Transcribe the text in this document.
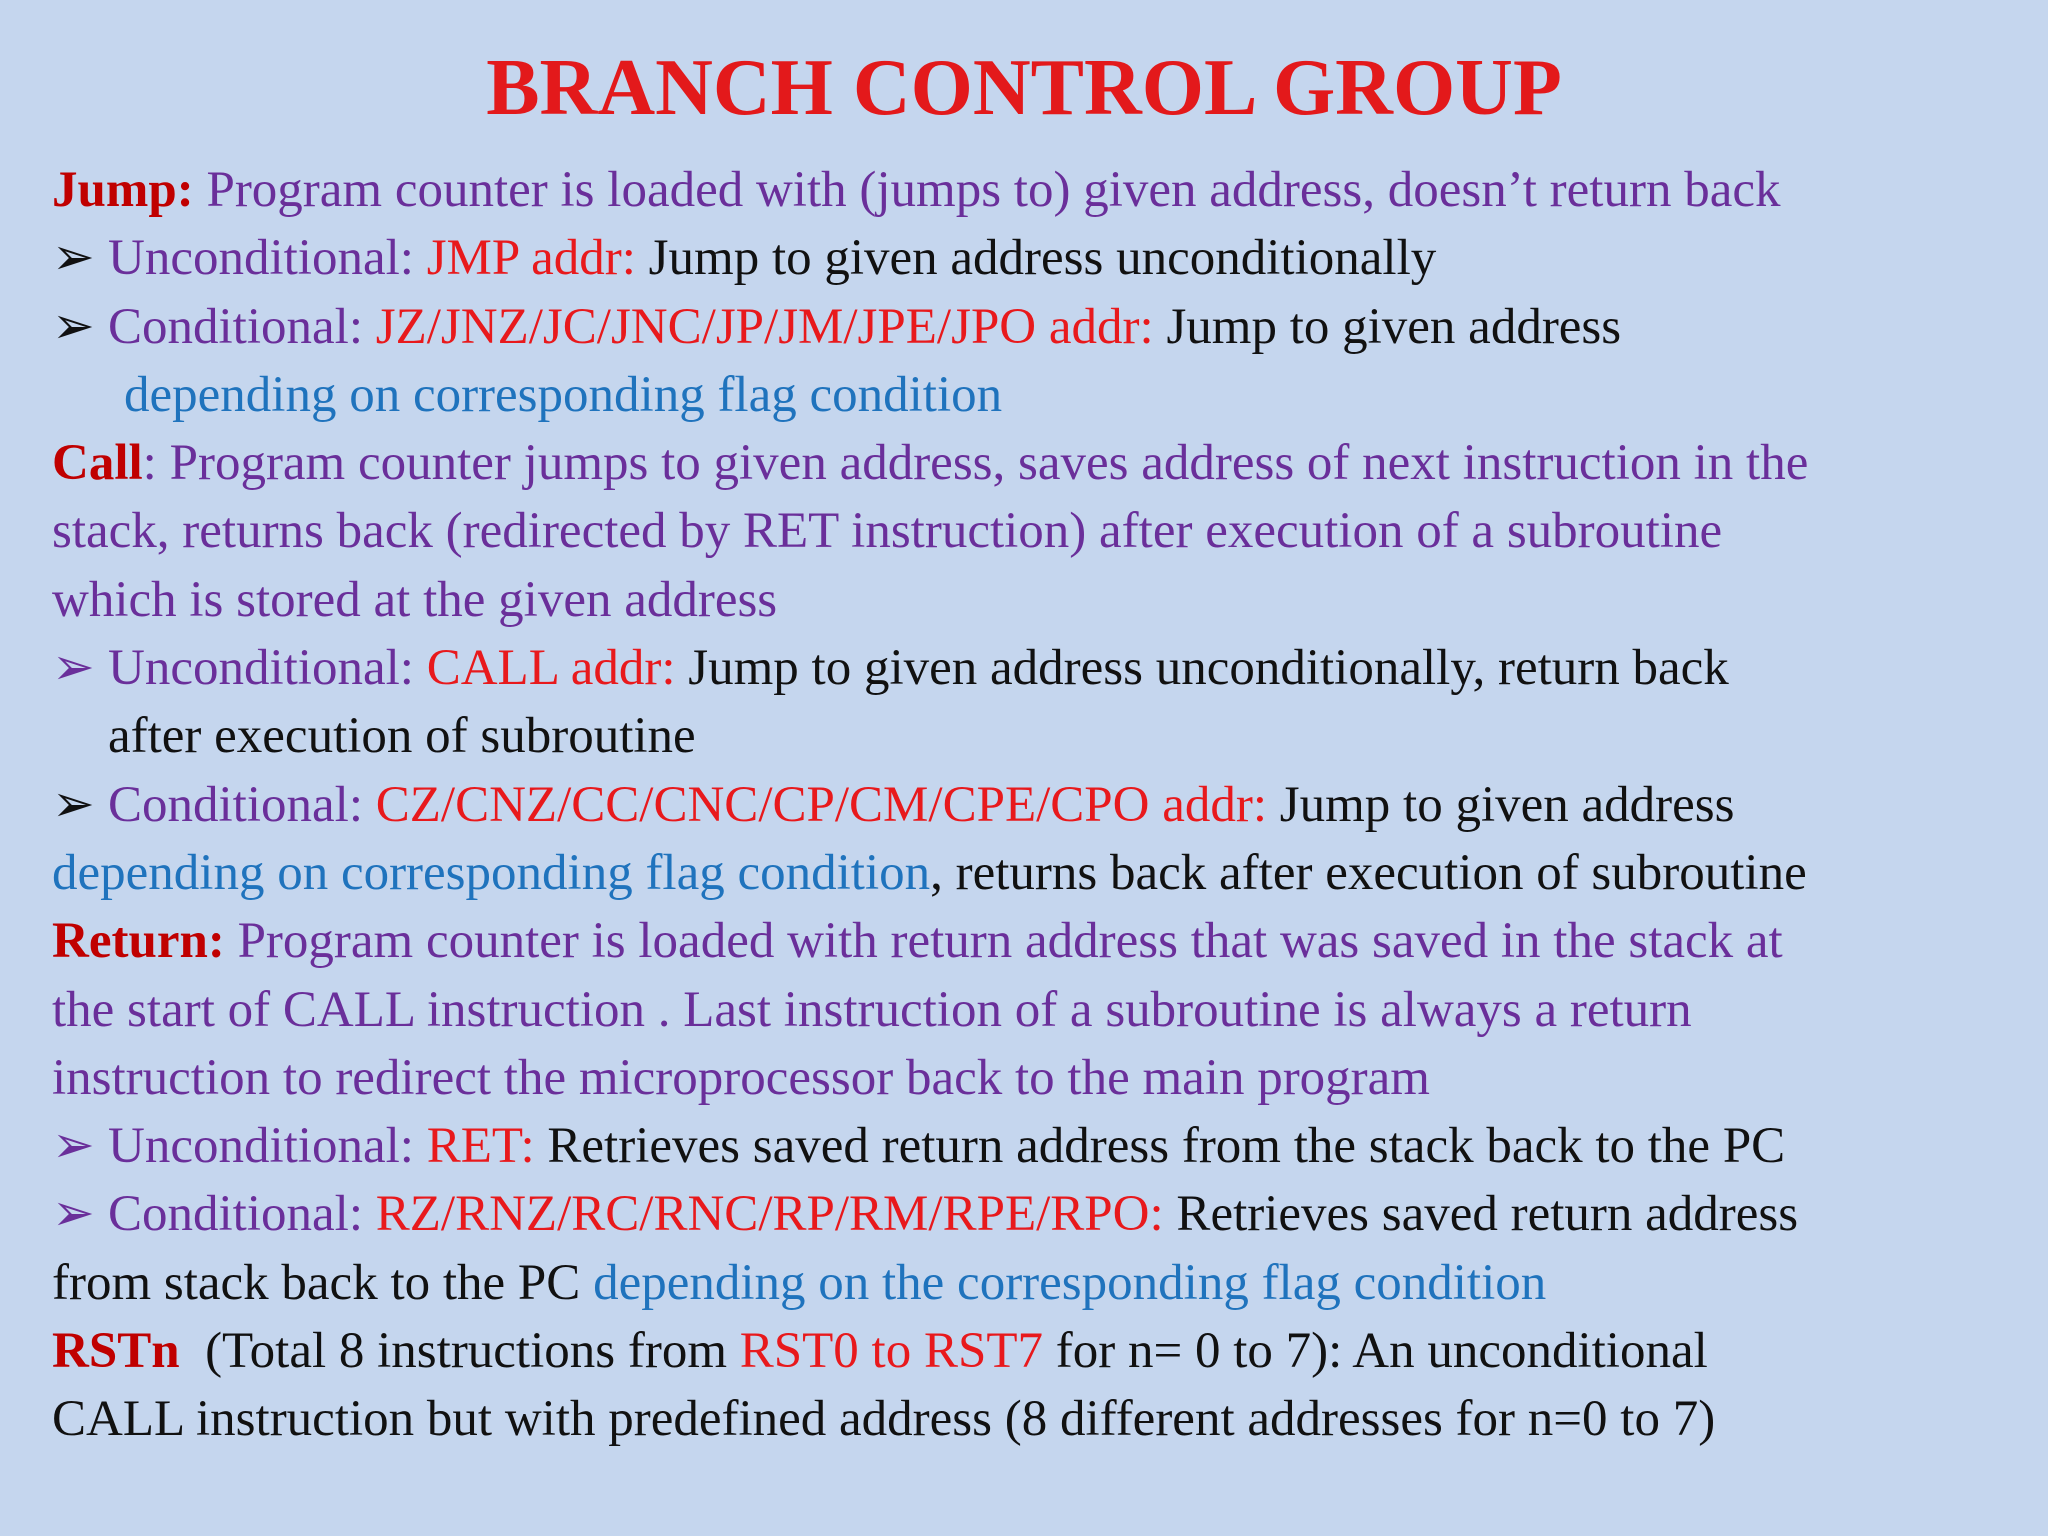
BRANCH CONTROL GROUP
Jump: Program counter is loaded with (jumps to) given address, doesn’t return back
➢ Unconditional: JMP addr: Jump to given address unconditionally
➢ Conditional: JZ/JNZ/JC/JNC/JP/JM/JPE/JPO addr: Jump to given address
depending on corresponding flag condition
Call: Program counter jumps to given address, saves address of next instruction in the
stack, returns back (redirected by RET instruction) after execution of a subroutine
which is stored at the given address
➢ Unconditional: CALL addr: Jump to given address unconditionally, return back
after execution of subroutine
➢ Conditional: CZ/CNZ/CC/CNC/CP/CM/CPE/CPO addr: Jump to given address
depending on corresponding flag condition, returns back after execution of subroutine
Return: Program counter is loaded with return address that was saved in the stack at
the start of CALL instruction . Last instruction of a subroutine is always a return
instruction to redirect the microprocessor back to the main program
➢ Unconditional: RET: Retrieves saved return address from the stack back to the PC
➢ Conditional: RZ/RNZ/RC/RNC/RP/RM/RPE/RPO: Retrieves saved return address
from stack back to the PC depending on the corresponding flag condition
RSTn  (Total 8 instructions from RST0 to RST7 for n= 0 to 7): An unconditional
CALL instruction but with predefined address (8 different addresses for n=0 to 7)
